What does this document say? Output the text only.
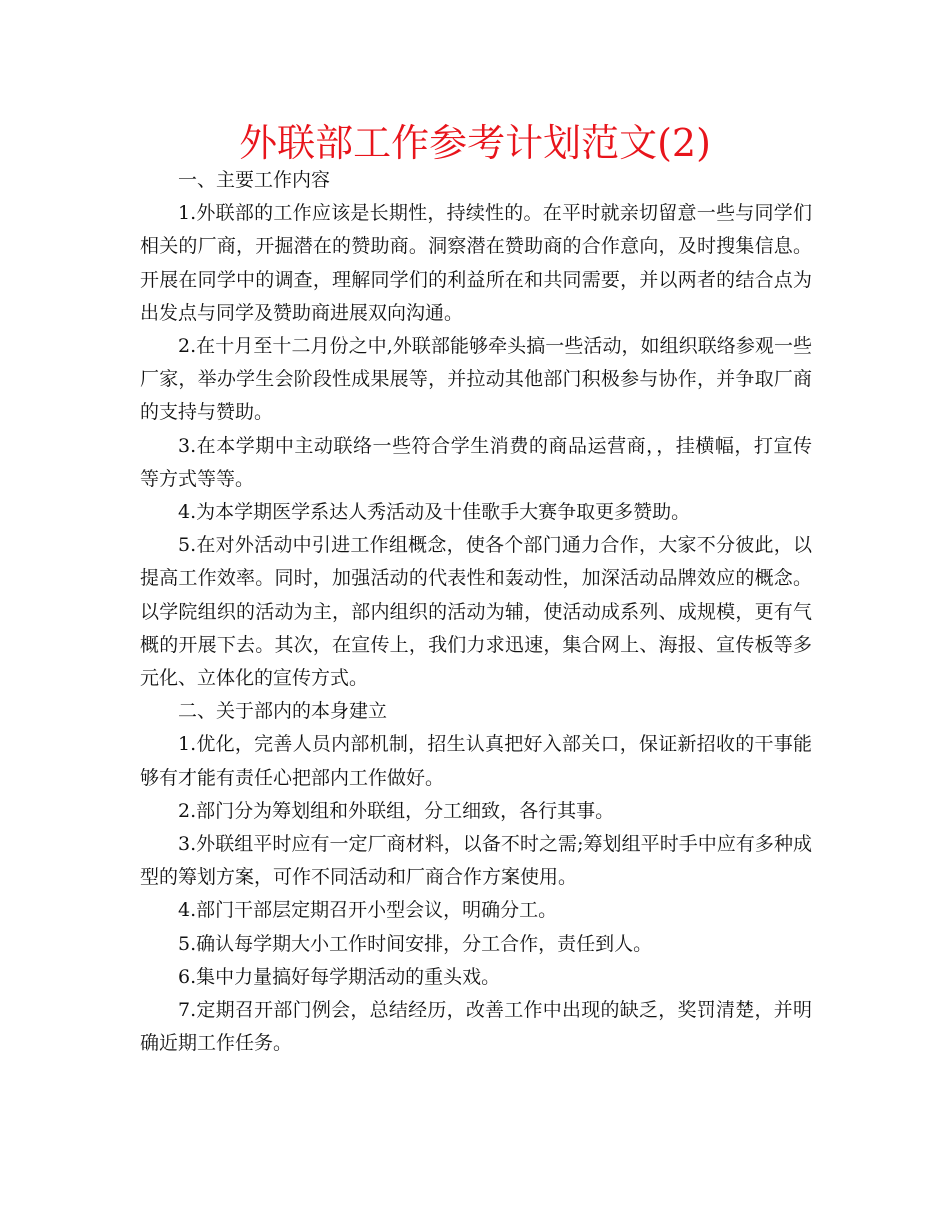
外联部工作参考计划范文(2)

一、主要工作内容

1.外联部的工作应该是长期性，持续性的。在平时就亲切留意一些与同学们相关的厂商，开掘潜在的赞助商。洞察潜在赞助商的合作意向，及时搜集信息。开展在同学中的调查，理解同学们的利益所在和共同需要，并以两者的结合点为出发点与同学及赞助商进展双向沟通。

2.在十月至十二月份之中,外联部能够牵头搞一些活动，如组织联络参观一些厂家，举办学生会阶段性成果展等，并拉动其他部门积极参与协作，并争取厂商的支持与赞助。

3.在本学期中主动联络一些符合学生消费的商品运营商，，挂横幅，打宣传等方式等等。

4.为本学期医学系达人秀活动及十佳歌手大赛争取更多赞助。

5.在对外活动中引进工作组概念，使各个部门通力合作，大家不分彼此，以提高工作效率。同时，加强活动的代表性和轰动性，加深活动品牌效应的概念。以学院组织的活动为主，部内组织的活动为辅，使活动成系列、成规模，更有气概的开展下去。其次，在宣传上，我们力求迅速，集合网上、海报、宣传板等多元化、立体化的宣传方式。

二、关于部内的本身建立

1.优化，完善人员内部机制，招生认真把好入部关口，保证新招收的干事能够有才能有责任心把部内工作做好。

2.部门分为筹划组和外联组，分工细致，各行其事。

3.外联组平时应有一定厂商材料，以备不时之需;筹划组平时手中应有多种成型的筹划方案，可作不同活动和厂商合作方案使用。

4.部门干部层定期召开小型会议，明确分工。

5.确认每学期大小工作时间安排，分工合作，责任到人。

6.集中力量搞好每学期活动的重头戏。

7.定期召开部门例会，总结经历，改善工作中出现的缺乏，奖罚清楚，并明确近期工作任务。
